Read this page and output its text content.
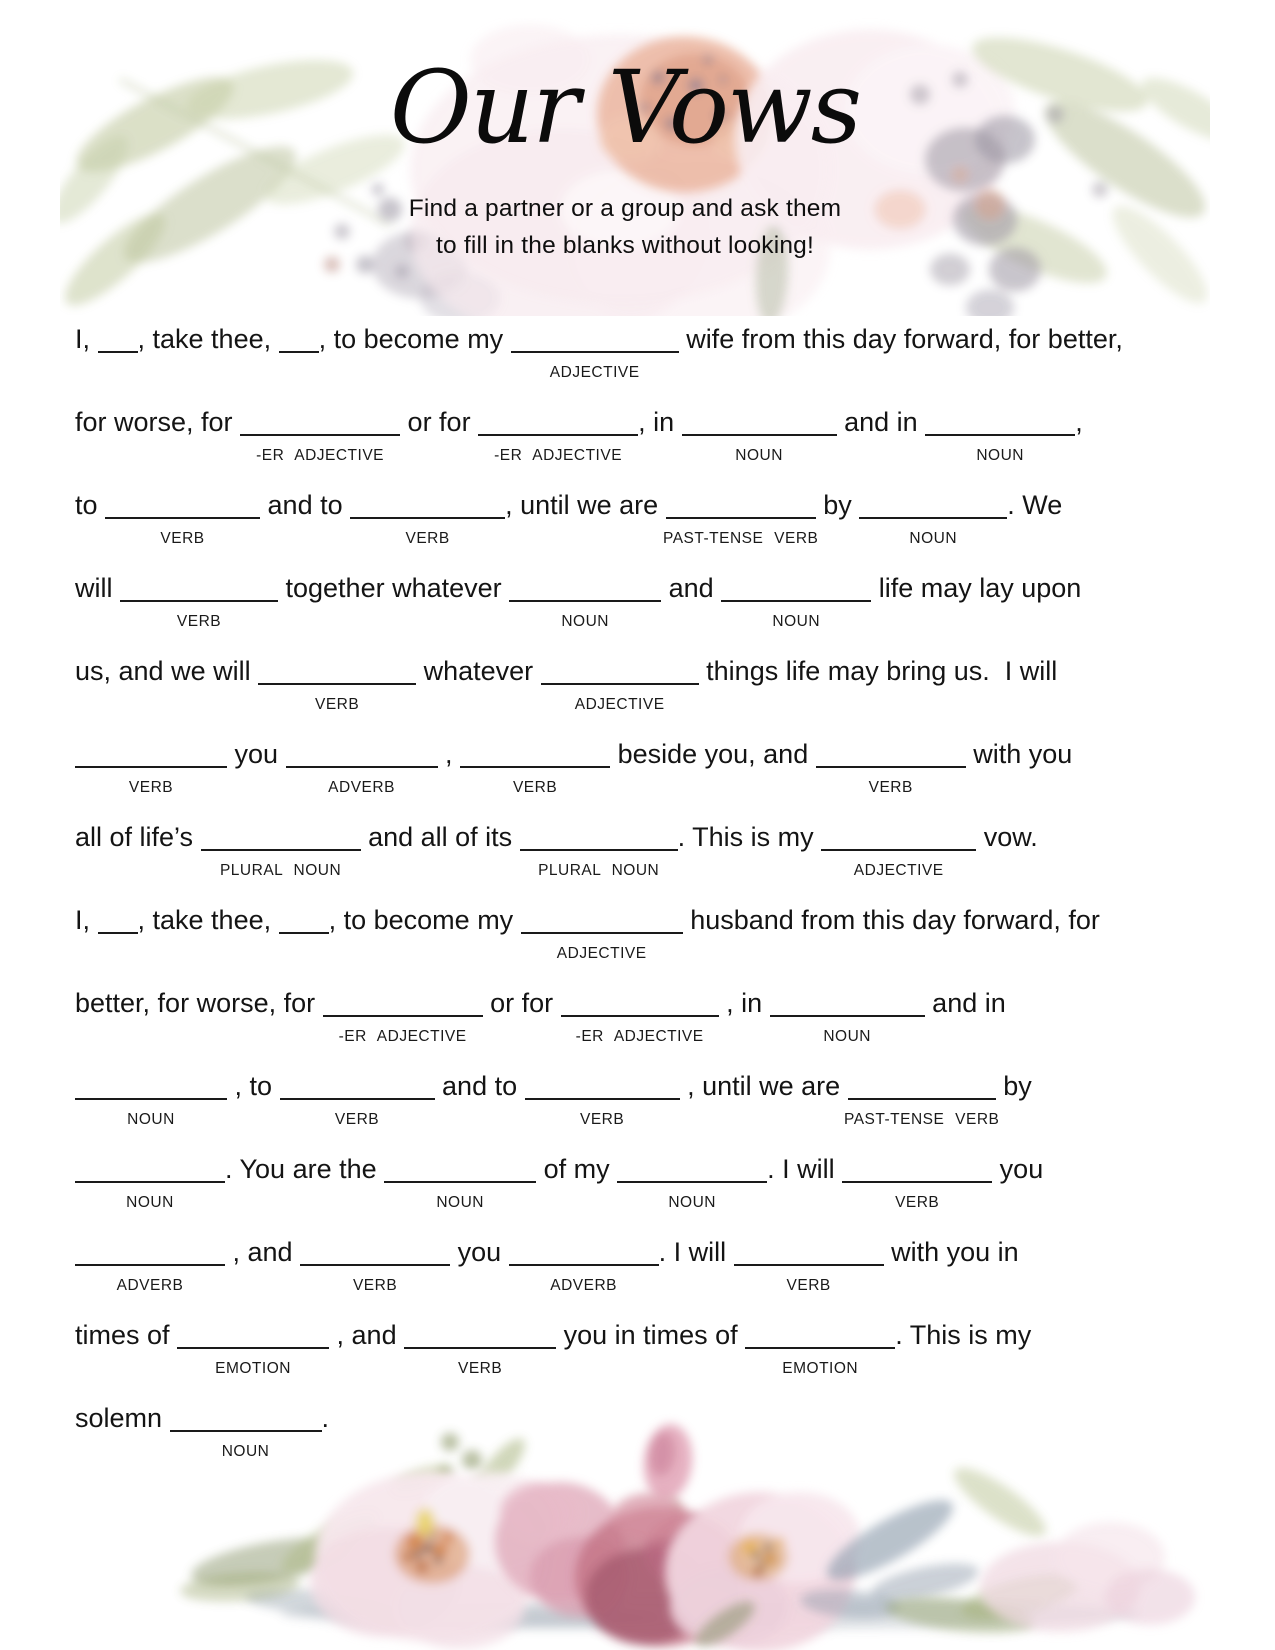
Our Vows

Find a partner or a group and ask them

to fill in the blanks without looking!

I, , take thee, , to become my
ADJECTIVE
wife from this day forward, for better,
for worse, for
-ER ADJECTIVE
or for
-ER ADJECTIVE
, in
NOUN
and in
NOUN
,
to
VERB
and to
VERB
, until we are
PAST-TENSE VERB
by
NOUN
. We
will
VERB
together whatever
NOUN
and
NOUN
life may lay upon
us, and we will
VERB
whatever
ADJECTIVE
things life may bring us.  I will
VERB
you
ADVERB
,
VERB
beside you, and
VERB
with you
all of life’s
PLURAL NOUN
and all of its
PLURAL NOUN
. This is my
ADJECTIVE
vow.
I, , take thee, , to become my
ADJECTIVE
husband from this day forward, for
better, for worse, for
-ER ADJECTIVE
or for
-ER ADJECTIVE
, in
NOUN
and in
NOUN
, to
VERB
and to
VERB
, until we are
PAST-TENSE VERB
by
NOUN
. You are the
NOUN
of my
NOUN
. I will
VERB
you
ADVERB
, and
VERB
you
ADVERB
. I will
VERB
with you in
times of
EMOTION
, and
VERB
you in times of
EMOTION
. This is my
solemn
NOUN
.
